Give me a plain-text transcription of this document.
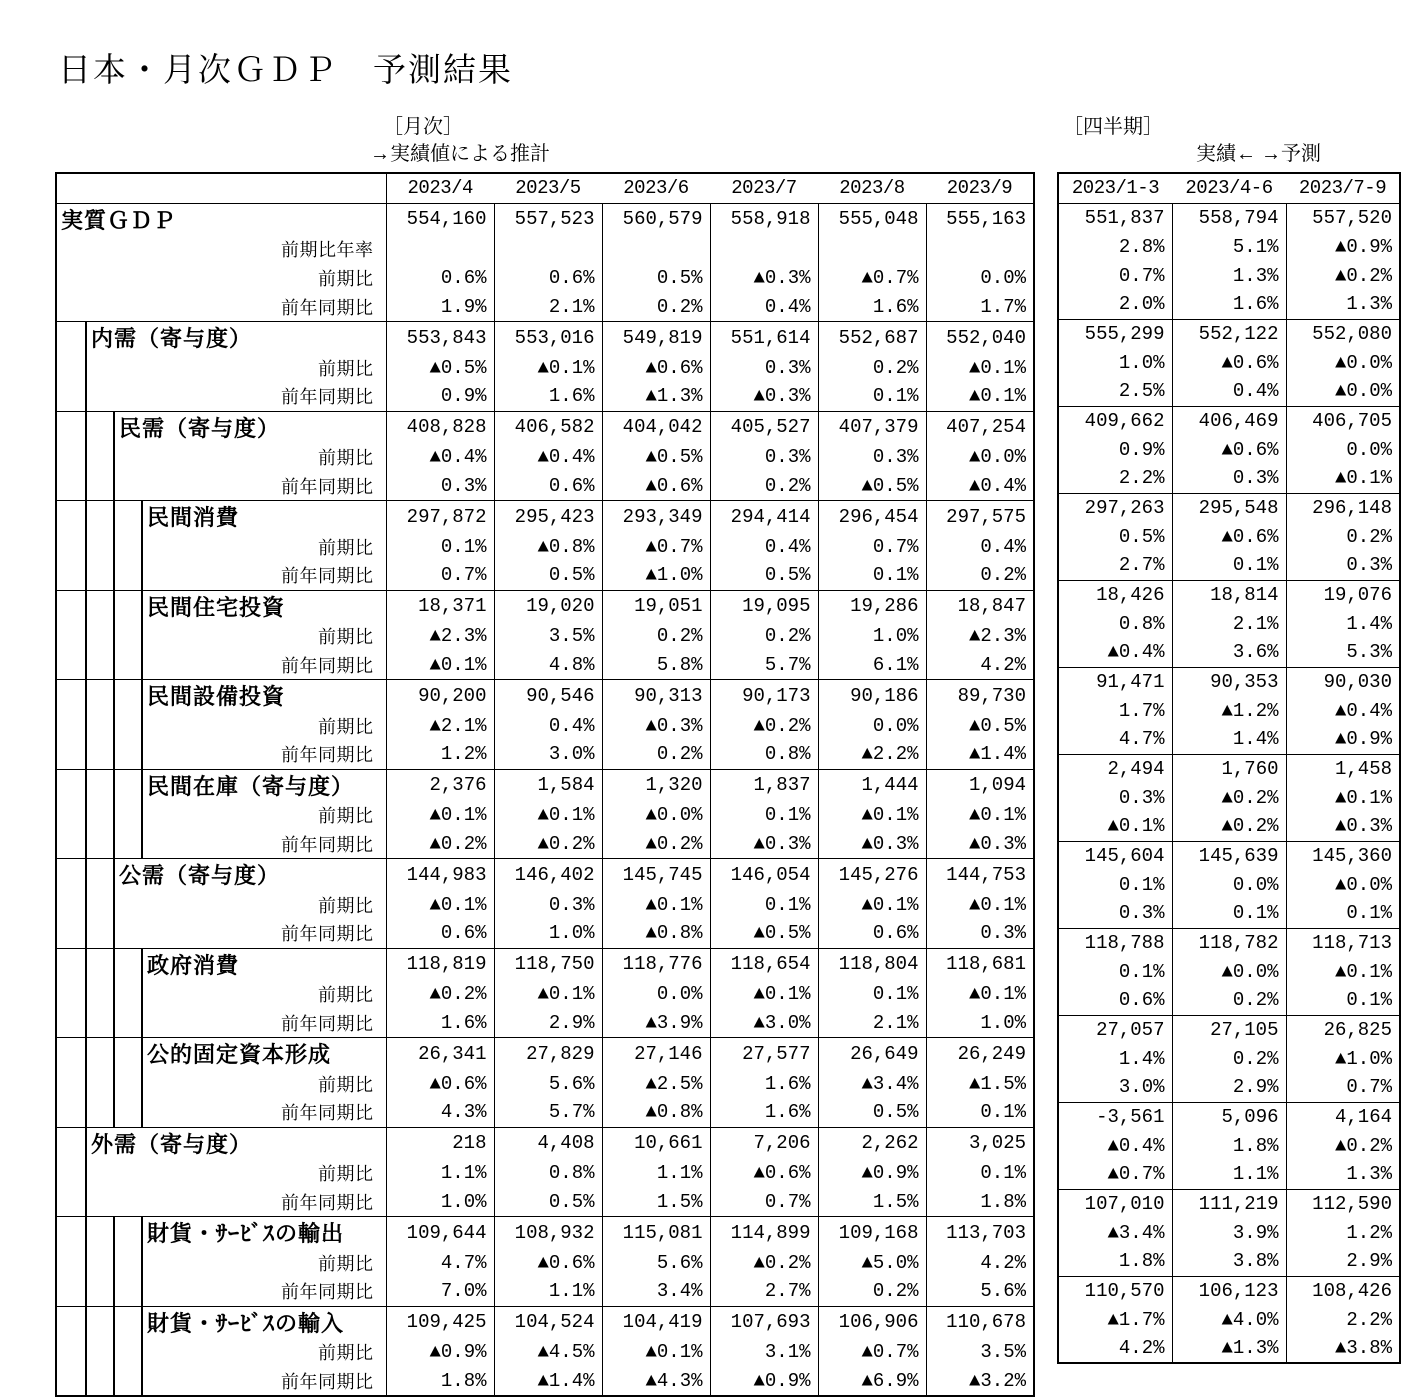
日本・月次ＧＤＰ　予測結果
［月次］
→実績値による推計
［四半期］
実績← →予測
	2023/4	2023/5	2023/6	2023/7	2023/8	2023/9
実質ＧＤＰ	554,160	557,523	560,579	558,918	555,048	555,163

前期比年率						

前期比	0.6%	0.6%	0.5%	▲0.3%	▲0.7%	0.0%

前年同期比	1.9%	2.1%	0.2%	0.4%	1.6%	1.7%

内需（寄与度）	553,843	553,016	549,819	551,614	552,687	552,040

前期比	▲0.5%	▲0.1%	▲0.6%	0.3%	0.2%	▲0.1%

前年同期比	0.9%	1.6%	▲1.3%	▲0.3%	0.1%	▲0.1%

民需（寄与度）	408,828	406,582	404,042	405,527	407,379	407,254

前期比	▲0.4%	▲0.4%	▲0.5%	0.3%	0.3%	▲0.0%

前年同期比	0.3%	0.6%	▲0.6%	0.2%	▲0.5%	▲0.4%

民間消費	297,872	295,423	293,349	294,414	296,454	297,575

前期比	0.1%	▲0.8%	▲0.7%	0.4%	0.7%	0.4%

前年同期比	0.7%	0.5%	▲1.0%	0.5%	0.1%	0.2%

民間住宅投資	18,371	19,020	19,051	19,095	19,286	18,847

前期比	▲2.3%	3.5%	0.2%	0.2%	1.0%	▲2.3%

前年同期比	▲0.1%	4.8%	5.8%	5.7%	6.1%	4.2%

民間設備投資	90,200	90,546	90,313	90,173	90,186	89,730

前期比	▲2.1%	0.4%	▲0.3%	▲0.2%	0.0%	▲0.5%

前年同期比	1.2%	3.0%	0.2%	0.8%	▲2.2%	▲1.4%

民間在庫（寄与度）	2,376	1,584	1,320	1,837	1,444	1,094

前期比	▲0.1%	▲0.1%	▲0.0%	0.1%	▲0.1%	▲0.1%

前年同期比	▲0.2%	▲0.2%	▲0.2%	▲0.3%	▲0.3%	▲0.3%

公需（寄与度）	144,983	146,402	145,745	146,054	145,276	144,753

前期比	▲0.1%	0.3%	▲0.1%	0.1%	▲0.1%	▲0.1%

前年同期比	0.6%	1.0%	▲0.8%	▲0.5%	0.6%	0.3%

政府消費	118,819	118,750	118,776	118,654	118,804	118,681

前期比	▲0.2%	▲0.1%	0.0%	▲0.1%	0.1%	▲0.1%

前年同期比	1.6%	2.9%	▲3.9%	▲3.0%	2.1%	1.0%

公的固定資本形成	26,341	27,829	27,146	27,577	26,649	26,249

前期比	▲0.6%	5.6%	▲2.5%	1.6%	▲3.4%	▲1.5%

前年同期比	4.3%	5.7%	▲0.8%	1.6%	0.5%	0.1%

外需（寄与度）	218	4,408	10,661	7,206	2,262	3,025

前期比	1.1%	0.8%	1.1%	▲0.6%	▲0.9%	0.1%

前年同期比	1.0%	0.5%	1.5%	0.7%	1.5%	1.8%

財貨・ｻｰﾋﾞｽの輸出	109,644	108,932	115,081	114,899	109,168	113,703

前期比	4.7%	▲0.6%	5.6%	▲0.2%	▲5.0%	4.2%

前年同期比	7.0%	1.1%	3.4%	2.7%	0.2%	5.6%

財貨・ｻｰﾋﾞｽの輸入	109,425	104,524	104,419	107,693	106,906	110,678

前期比	▲0.9%	▲4.5%	▲0.1%	3.1%	▲0.7%	3.5%

前年同期比	1.8%	▲1.4%	▲4.3%	▲0.9%	▲6.9%	▲3.2%
2023/1-3	2023/4-6	2023/7-9
551,837	558,794	557,520
2.8%	5.1%	▲0.9%
0.7%	1.3%	▲0.2%
2.0%	1.6%	1.3%
555,299	552,122	552,080
1.0%	▲0.6%	▲0.0%
2.5%	0.4%	▲0.0%
409,662	406,469	406,705
0.9%	▲0.6%	0.0%
2.2%	0.3%	▲0.1%
297,263	295,548	296,148
0.5%	▲0.6%	0.2%
2.7%	0.1%	0.3%
18,426	18,814	19,076
0.8%	2.1%	1.4%
▲0.4%	3.6%	5.3%
91,471	90,353	90,030
1.7%	▲1.2%	▲0.4%
4.7%	1.4%	▲0.9%
2,494	1,760	1,458
0.3%	▲0.2%	▲0.1%
▲0.1%	▲0.2%	▲0.3%
145,604	145,639	145,360
0.1%	0.0%	▲0.0%
0.3%	0.1%	0.1%
118,788	118,782	118,713
0.1%	▲0.0%	▲0.1%
0.6%	0.2%	0.1%
27,057	27,105	26,825
1.4%	0.2%	▲1.0%
3.0%	2.9%	0.7%
-3,561	5,096	4,164
▲0.4%	1.8%	▲0.2%
▲0.7%	1.1%	1.3%
107,010	111,219	112,590
▲3.4%	3.9%	1.2%
1.8%	3.8%	2.9%
110,570	106,123	108,426
▲1.7%	▲4.0%	2.2%
4.2%	▲1.3%	▲3.8%
